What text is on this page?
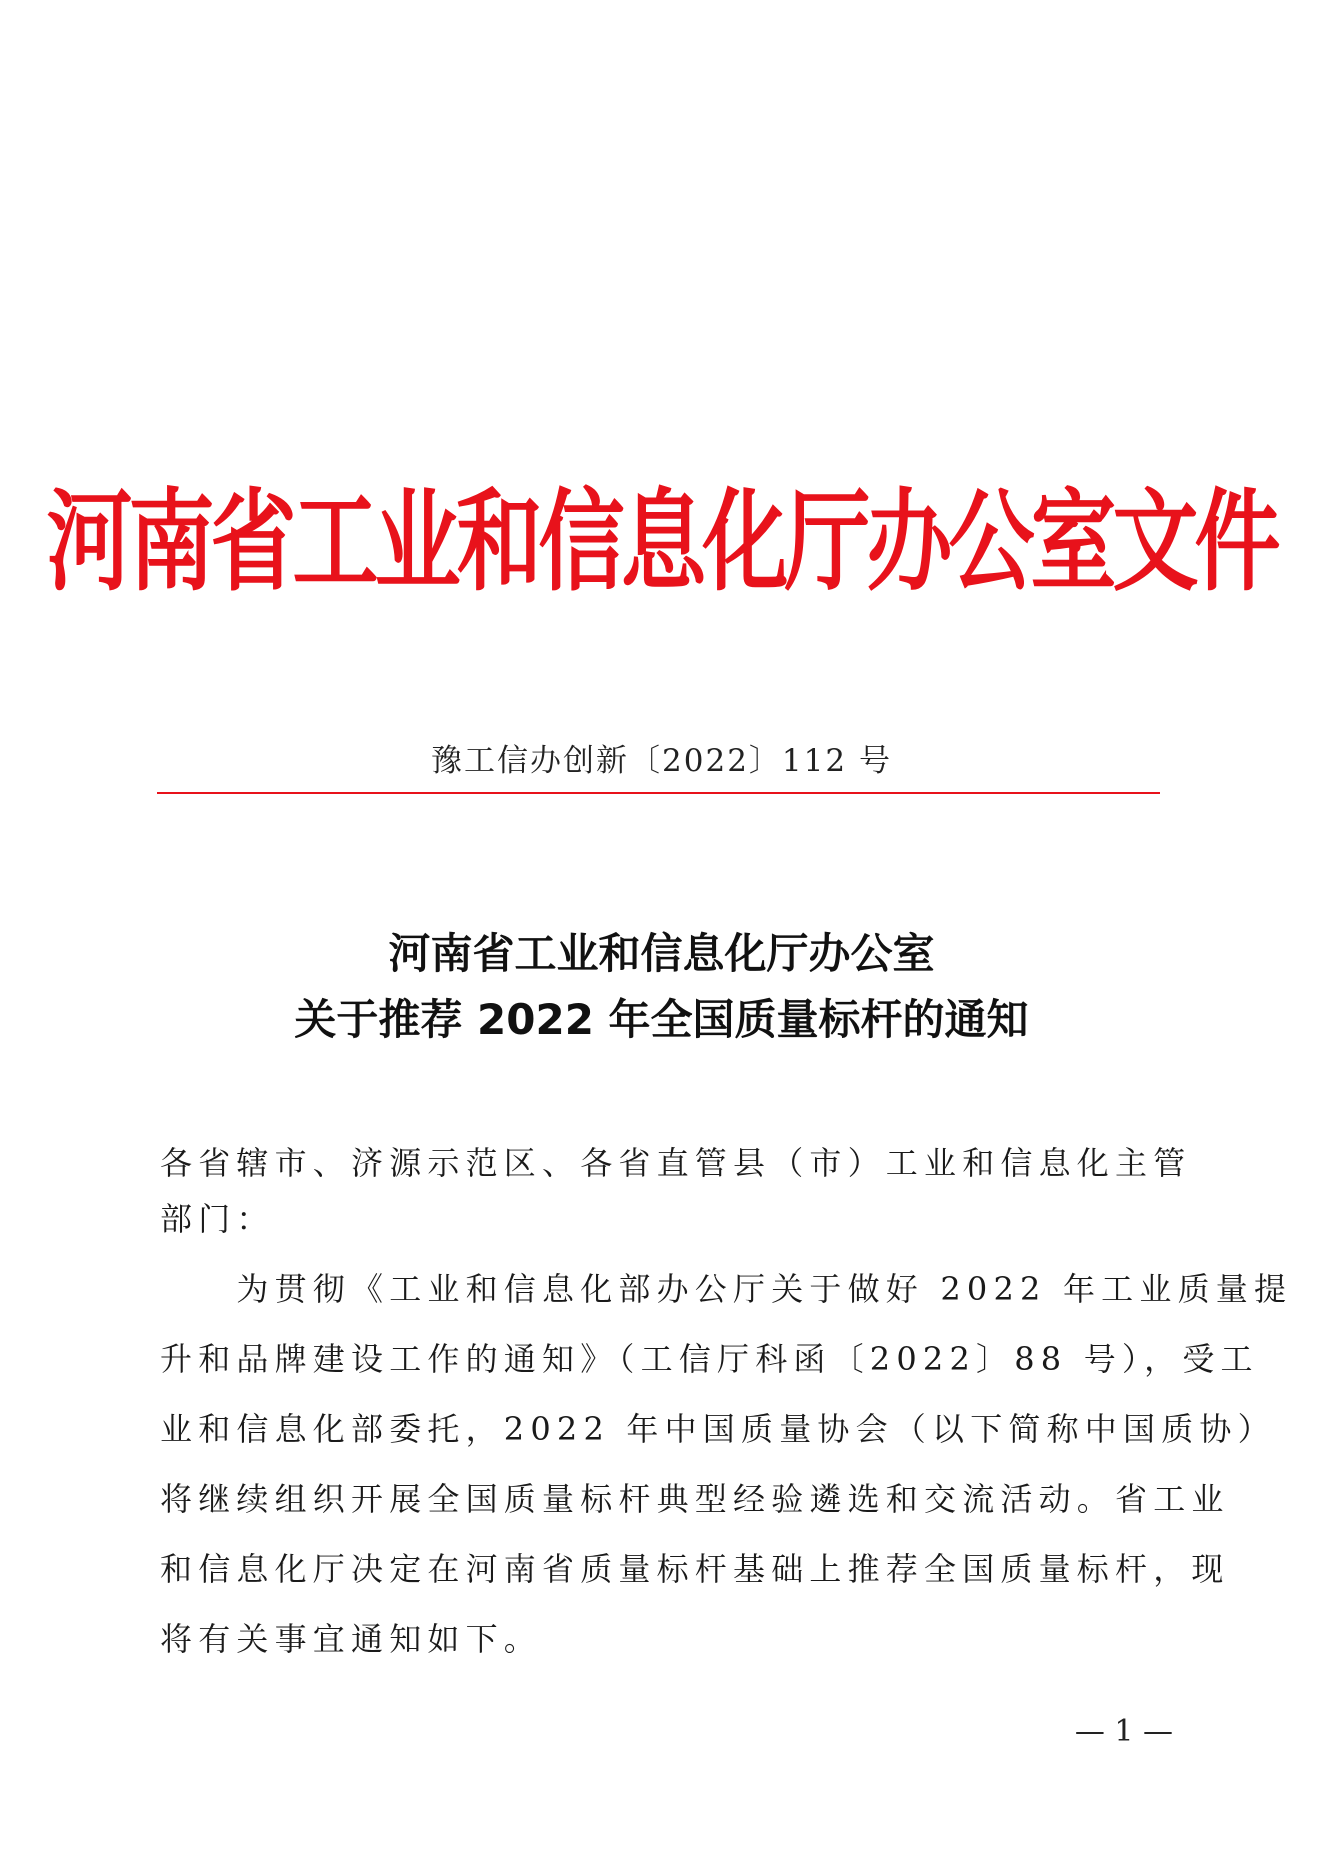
河南省工业和信息化厅办公室文件
豫工信办创新〔2022〕112 号
河南省工业和信息化厅办公室
关于推荐 2022 年全国质量标杆的通知
各省辖市、济源示范区、各省直管县（市）工业和信息化主管
部门：
　　为贯彻《工业和信息化部办公厅关于做好 2022 年工业质量提
升和品牌建设工作的通知》（工信厅科函〔2022〕88 号），受工
业和信息化部委托，2022 年中国质量协会（以下简称中国质协）
将继续组织开展全国质量标杆典型经验遴选和交流活动。省工业
和信息化厅决定在河南省质量标杆基础上推荐全国质量标杆，现
将有关事宜通知如下。
— 1 —
